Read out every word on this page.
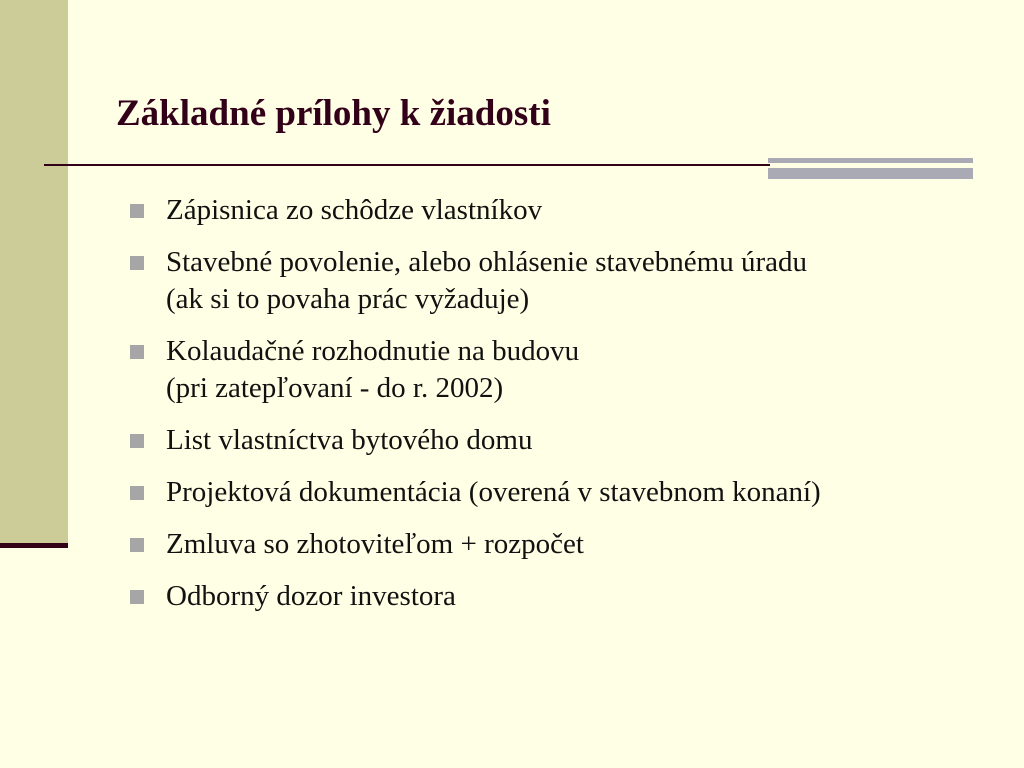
Základné prílohy k žiadosti
Zápisnica zo schôdze vlastníkov
Stavebné povolenie, alebo ohlásenie stavebnému úradu
(ak si to povaha prác vyžaduje)
Kolaudačné rozhodnutie na budovu
(pri zatepľovaní - do r. 2002)
List vlastníctva bytového domu
Projektová dokumentácia (overená v stavebnom konaní)
Zmluva so zhotoviteľom + rozpočet
Odborný dozor investora
